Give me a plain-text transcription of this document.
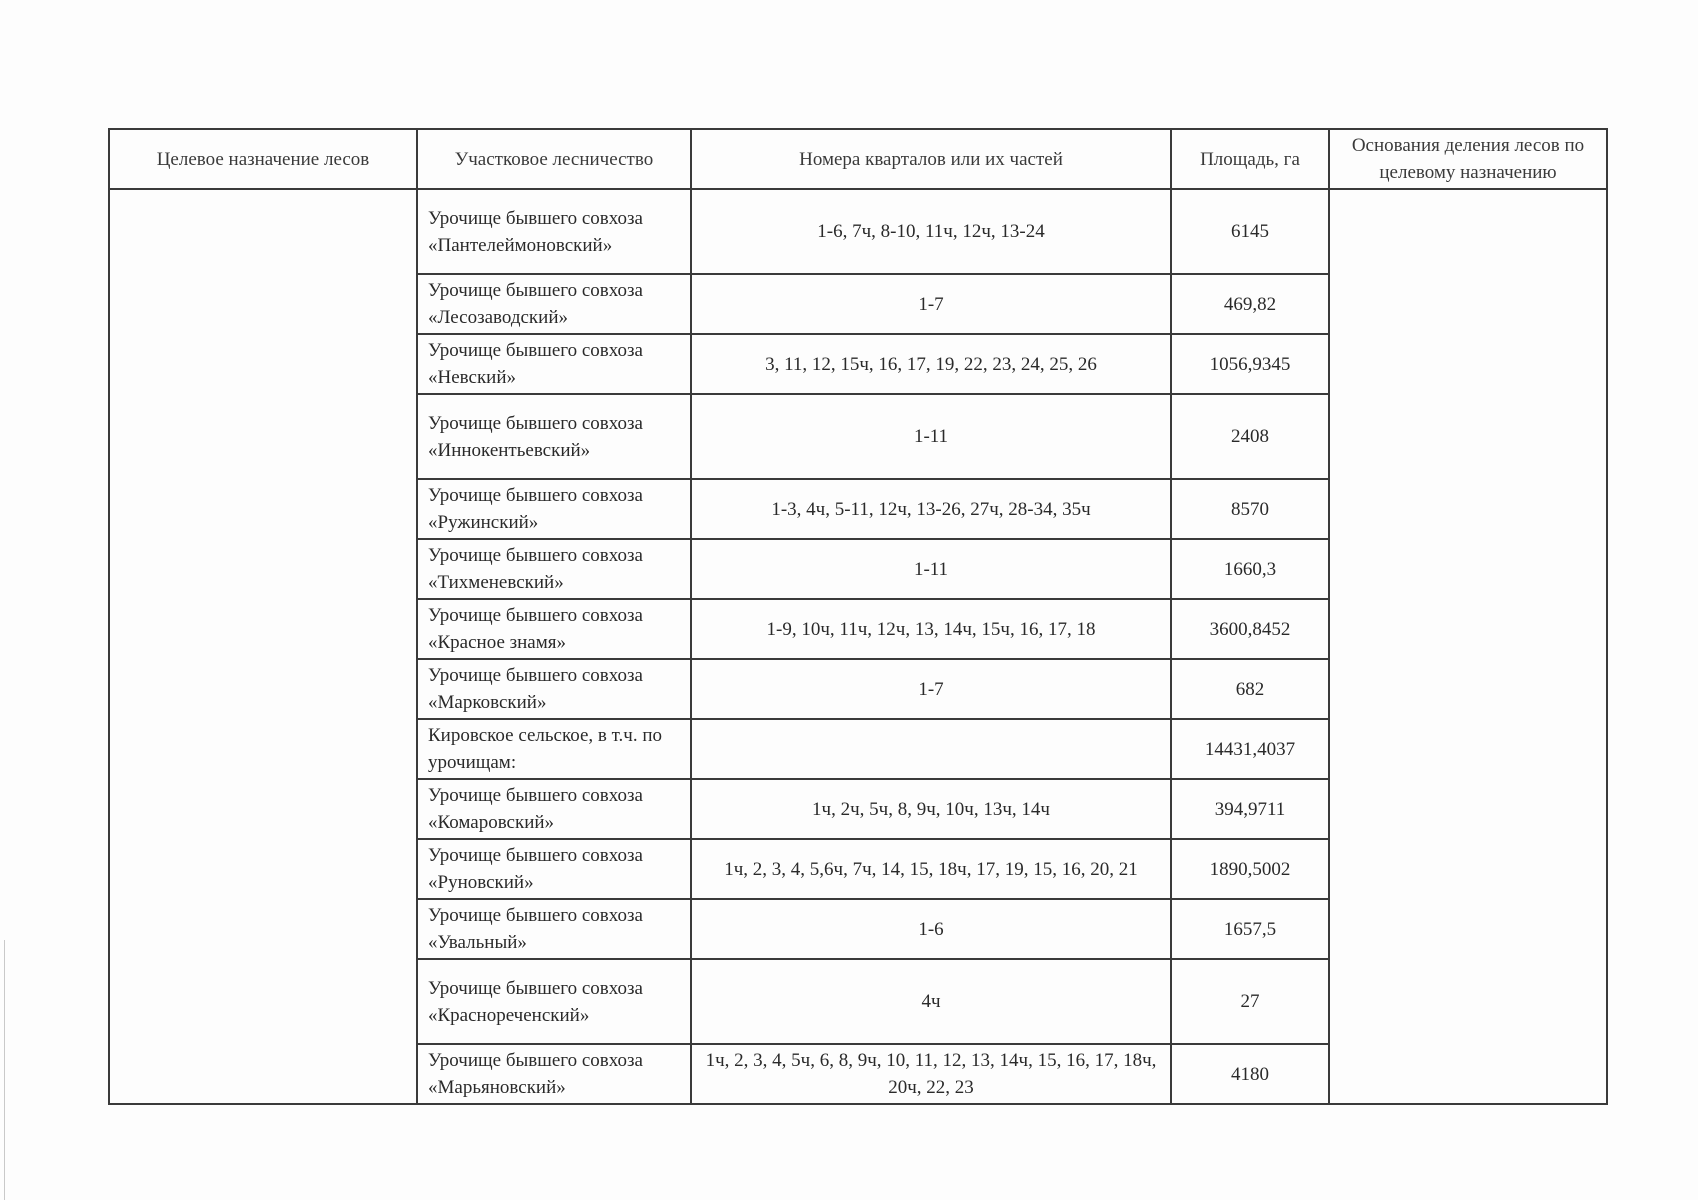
Целевое назначение лесов	Участковое лесничество	Номера кварталов или их частей	Площадь, га	Основания деления лесов по целевому назначению
	Урочище бывшего совхоза «Пантелеймоновский»	1-6, 7ч, 8-10, 11ч, 12ч, 13-24	6145	
	Урочище бывшего совхоза «Лесозаводский»	1-7	469,82	
	Урочище бывшего совхоза «Невский»	3, 11, 12, 15ч, 16, 17, 19, 22, 23, 24, 25, 26	1056,9345	
	Урочище бывшего совхоза «Иннокентьевский»	1-11	2408	
	Урочище бывшего совхоза «Ружинский»	1-3, 4ч, 5-11, 12ч, 13-26, 27ч, 28-34, 35ч	8570	
	Урочище бывшего совхоза «Тихменевский»	1-11	1660,3	
	Урочище бывшего совхоза «Красное знамя»	1-9, 10ч, 11ч, 12ч, 13, 14ч, 15ч, 16, 17, 18	3600,8452	
	Урочище бывшего совхоза «Марковский»	1-7	682	
	Кировское сельское, в т.ч. по урочищам:		14431,4037	
	Урочище бывшего совхоза «Комаровский»	1ч, 2ч, 5ч, 8, 9ч, 10ч, 13ч, 14ч	394,9711	
	Урочище бывшего совхоза «Руновский»	1ч, 2, 3, 4, 5,6ч, 7ч, 14, 15, 18ч, 17, 19, 15, 16, 20, 21	1890,5002	
	Урочище бывшего совхоза «Увальный»	1-6	1657,5	
	Урочище бывшего совхоза «Краснореченский»	4ч	27	
	Урочище бывшего совхоза «Марьяновский»	1ч, 2, 3, 4, 5ч, 6, 8, 9ч, 10, 11, 12, 13, 14ч, 15, 16, 17, 18ч, 20ч, 22, 23	4180	
